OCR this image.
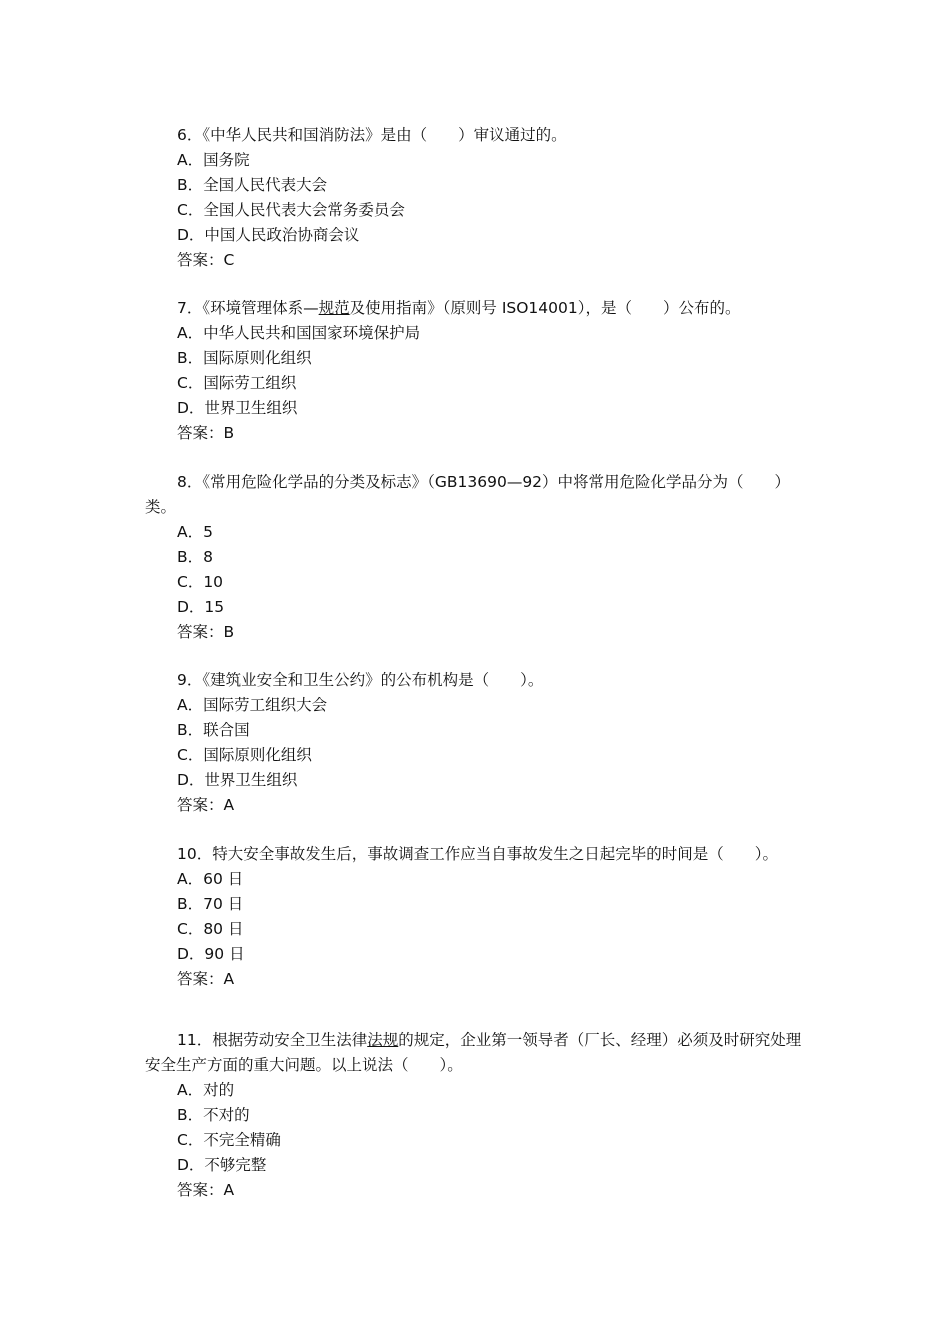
6．《中华人民共和国消防法》是由（　　）审议通过的。

A．国务院

B．全国人民代表大会

C．全国人民代表大会常务委员会

D．中国人民政治协商会议

答案：C

7．《环境管理体系—规范及使用指南》（原则号 ISO14001），是（　　）公布的。

A．中华人民共和国国家环境保护局

B．国际原则化组织

C．国际劳工组织

D．世界卫生组织

答案：B

8．《常用危险化学品的分类及标志》（GB13690—92）中将常用危险化学品分为（　　）类。

A．5

B．8

C．10

D．15

答案：B

9．《建筑业安全和卫生公约》的公布机构是（　　）。

A．国际劳工组织大会

B．联合国

C．国际原则化组织

D．世界卫生组织

答案：A

10．特大安全事故发生后，事故调查工作应当自事故发生之日起完毕的时间是（　　）。

A．60 日

B．70 日

C．80 日

D．90 日

答案：A

11．根据劳动安全卫生法律法规的规定，企业第一领导者（厂长、经理）必须及时研究处理安全生产方面的重大问题。以上说法（　　）。

A．对的

B．不对的

C．不完全精确

D．不够完整

答案：A
